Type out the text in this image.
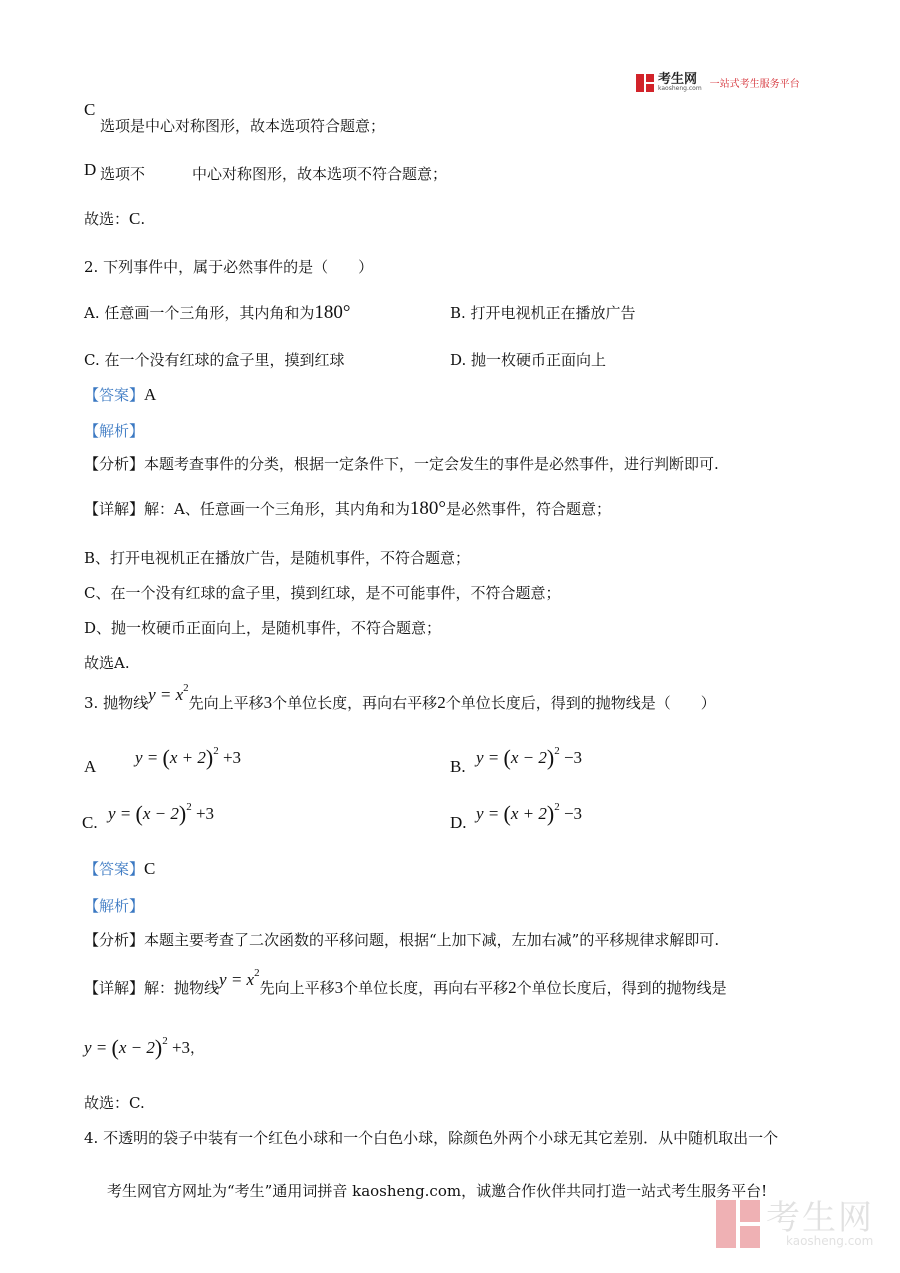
考生网
kaosheng.com 一站式考生服务平台
C
选项是中心对称图形，故本选项符合题意；
D 选项不	中心对称图形，故本选项不符合题意；
故选：C.
2. 下列事件中，属于必然事件的是（　　）
A. 任意画一个三角形，其内角和为180°	B. 打开电视机正在播放广告
C. 在一个没有红球的盒子里，摸到红球	D. 抛一枚硬币正面向上
【答案】A
【解析】
【分析】本题考查事件的分类，根据一定条件下，一定会发生的事件是必然事件，进行判断即可.
【详解】解：A、任意画一个三角形，其内角和为180°是必然事件，符合题意；
B、打开电视机正在播放广告，是随机事件，不符合题意；
C、在一个没有红球的盒子里，摸到红球，是不可能事件，不符合题意；
D、抛一枚硬币正面向上，是随机事件，不符合题意；
故选A.
3. 抛物线$y = x^2$先向上平移3个单位长度，再向右平移2个单位长度后，得到的抛物线是（　　）
A $y = (x + 2)^2 +3$	B. $y = (x - 2)^2 -3$
C. $y = (x - 2)^2 +3$	D. $y = (x + 2)^2 -3$
【答案】C
【解析】
【分析】本题主要考查了二次函数的平移问题，根据“上加下减，左加右减”的平移规律求解即可.
【详解】解：抛物线$y = x^2$先向上平移3个单位长度，再向右平移2个单位长度后，得到的抛物线是
$y = (x - 2)^2 +3$，
故选：C.
4. 不透明的袋子中装有一个红色小球和一个白色小球，除颜色外两个小球无其它差别．从中随机取出一个
考生网官方网址为“考生”通用词拼音 kaosheng.com，诚邀合作伙伴共同打造一站式考生服务平台!
考生网
kaosheng.com
